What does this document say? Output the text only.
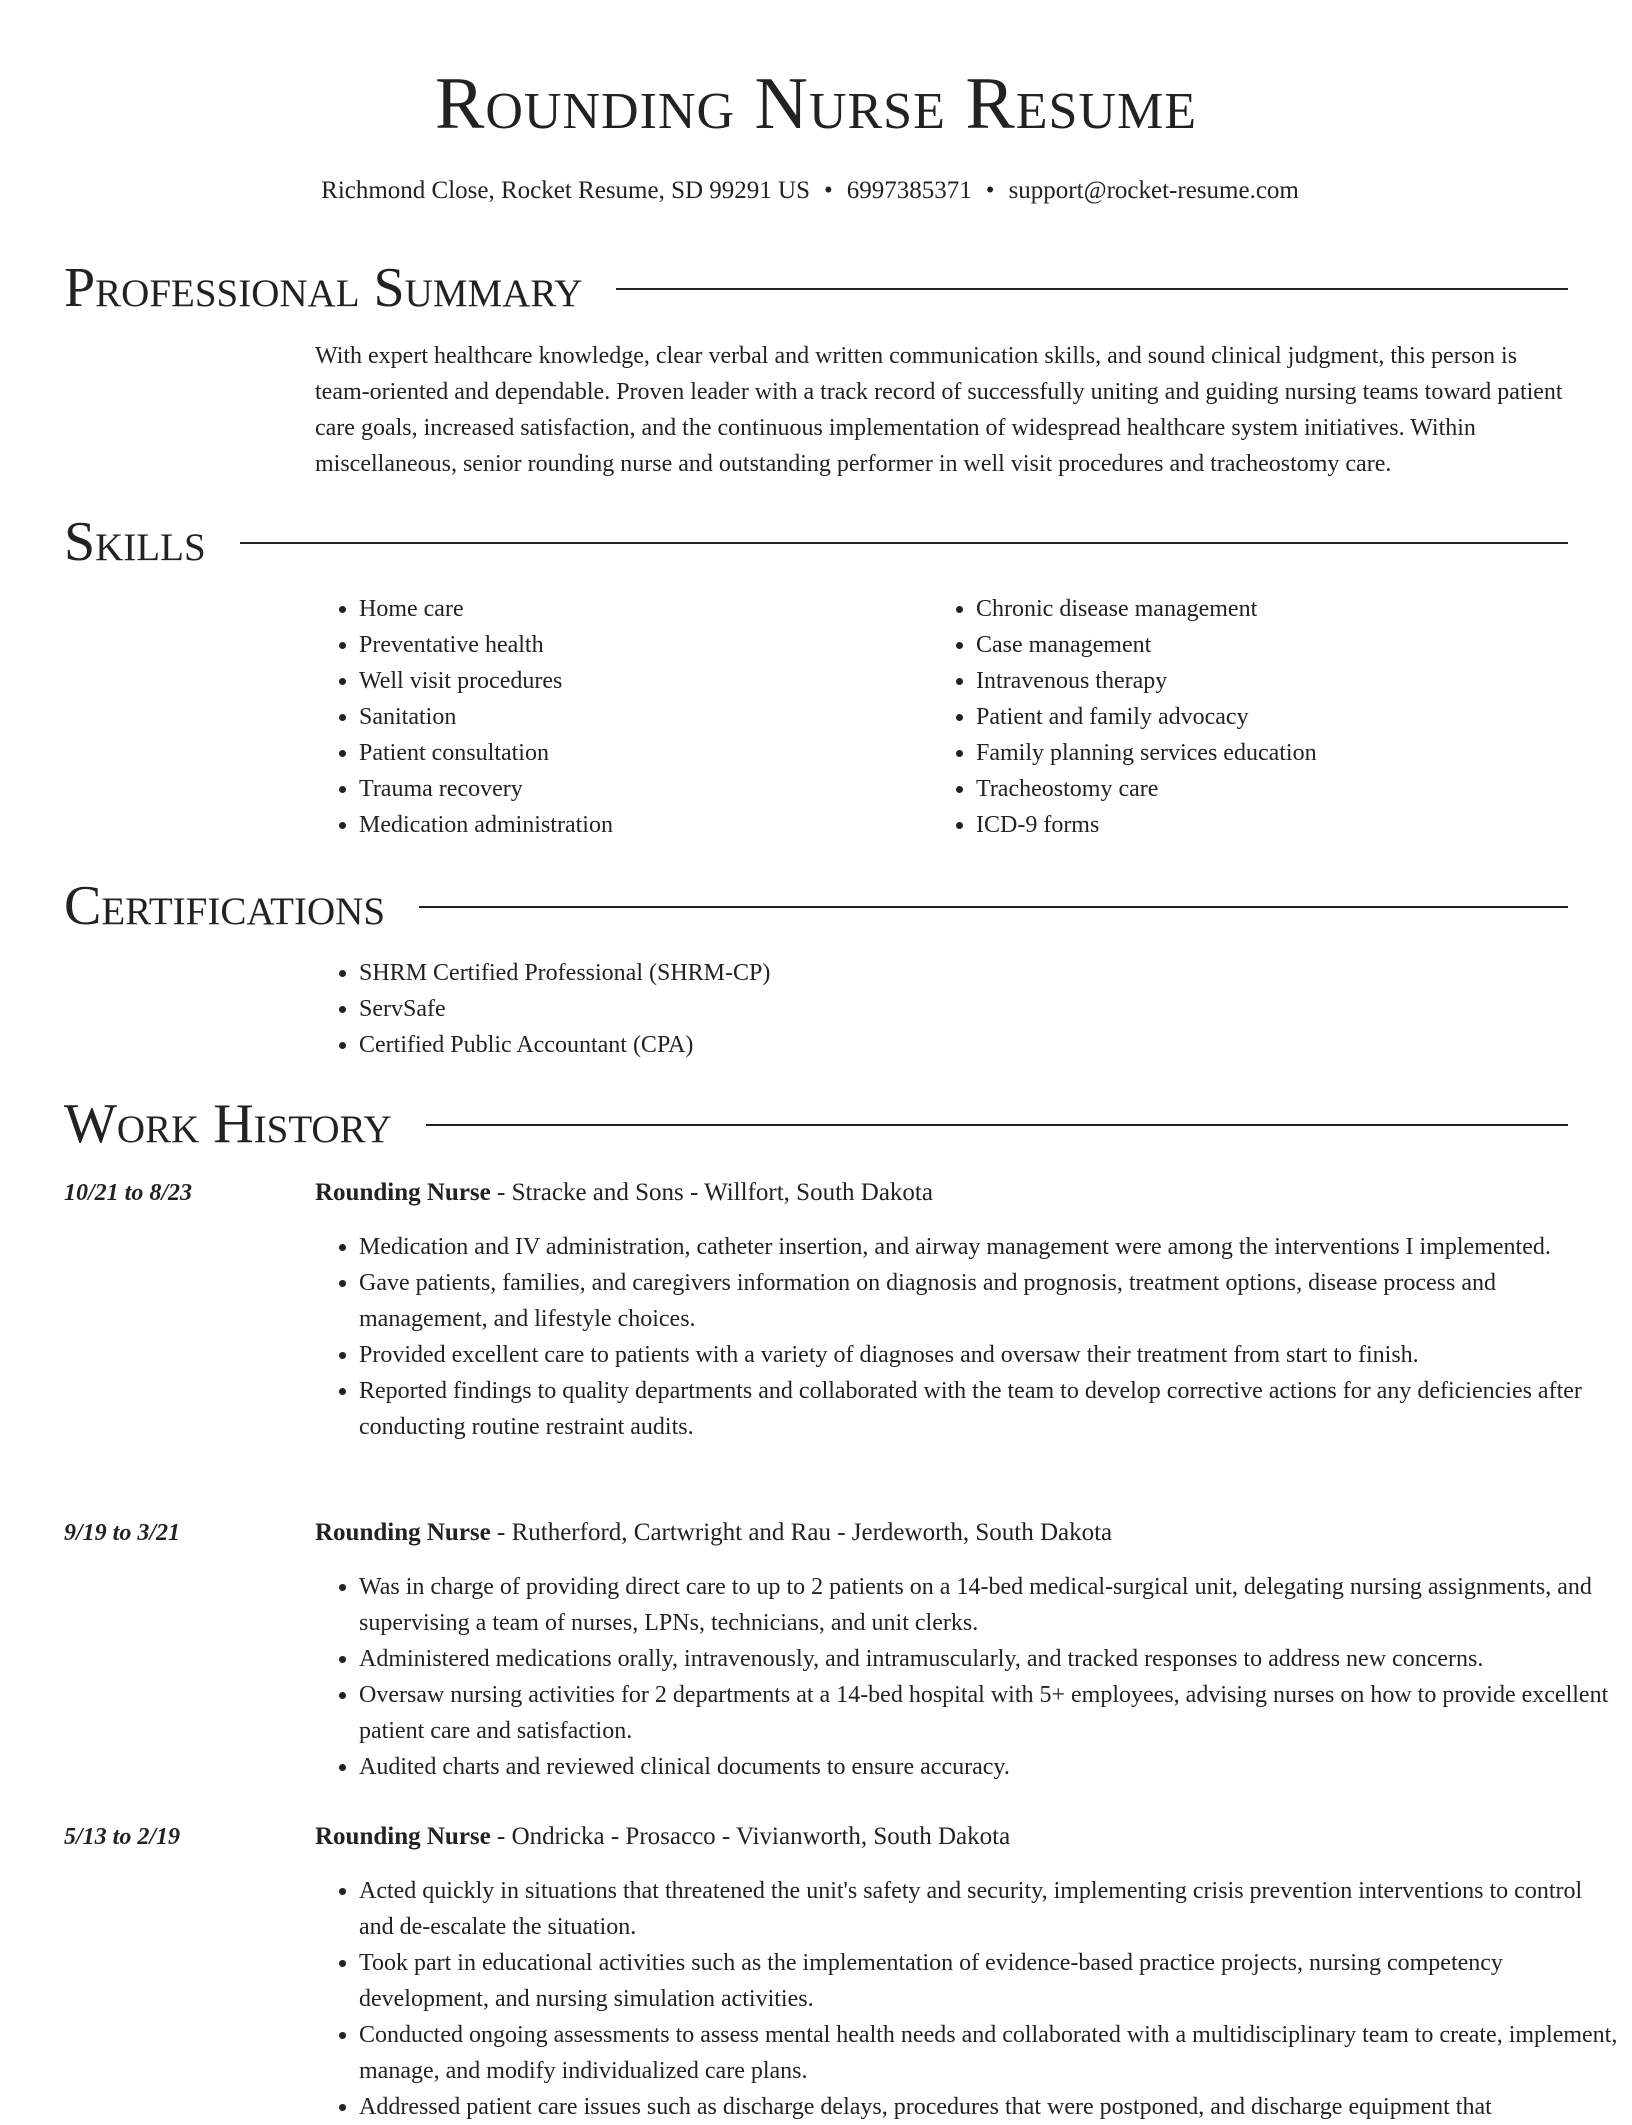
Rounding Nurse Resume
Richmond Close, Rocket Resume, SD 99291 US • 6997385371 • support@rocket-resume.com
Professional Summary
With expert healthcare knowledge, clear verbal and written communication skills, and sound clinical judgment, this person is team-oriented and dependable. Proven leader with a track record of successfully uniting and guiding nursing teams toward patient care goals, increased satisfaction, and the continuous implementation of widespread healthcare system initiatives. Within miscellaneous, senior rounding nurse and outstanding performer in well visit procedures and tracheostomy care.
Skills
• Home care
• Preventative health
• Well visit procedures
• Sanitation
• Patient consultation
• Trauma recovery
• Medication administration
• Chronic disease management
• Case management
• Intravenous therapy
• Patient and family advocacy
• Family planning services education
• Tracheostomy care
• ICD-9 forms
Certifications
• SHRM Certified Professional (SHRM-CP)
• ServSafe
• Certified Public Accountant (CPA)
Work History
10/21 to 8/23	Rounding Nurse - Stracke and Sons - Willfort, South Dakota
• Medication and IV administration, catheter insertion, and airway management were among the interventions I implemented.
• Gave patients, families, and caregivers information on diagnosis and prognosis, treatment options, disease process and management, and lifestyle choices.
• Provided excellent care to patients with a variety of diagnoses and oversaw their treatment from start to finish.
• Reported findings to quality departments and collaborated with the team to develop corrective actions for any deficiencies after conducting routine restraint audits.
9/19 to 3/21	Rounding Nurse - Rutherford, Cartwright and Rau - Jerdeworth, South Dakota
• Was in charge of providing direct care to up to 2 patients on a 14-bed medical-surgical unit, delegating nursing assignments, and supervising a team of nurses, LPNs, technicians, and unit clerks.
• Administered medications orally, intravenously, and intramuscularly, and tracked responses to address new concerns.
• Oversaw nursing activities for 2 departments at a 14-bed hospital with 5+ employees, advising nurses on how to provide excellent patient care and satisfaction.
• Audited charts and reviewed clinical documents to ensure accuracy.
5/13 to 2/19	Rounding Nurse - Ondricka - Prosacco - Vivianworth, South Dakota
• Acted quickly in situations that threatened the unit's safety and security, implementing crisis prevention interventions to control and de-escalate the situation.
• Took part in educational activities such as the implementation of evidence-based practice projects, nursing competency development, and nursing simulation activities.
• Conducted ongoing assessments to assess mental health needs and collaborated with a multidisciplinary team to create, implement, manage, and modify individualized care plans.
• Addressed patient care issues such as discharge delays, procedures that were postponed, and discharge equipment that
